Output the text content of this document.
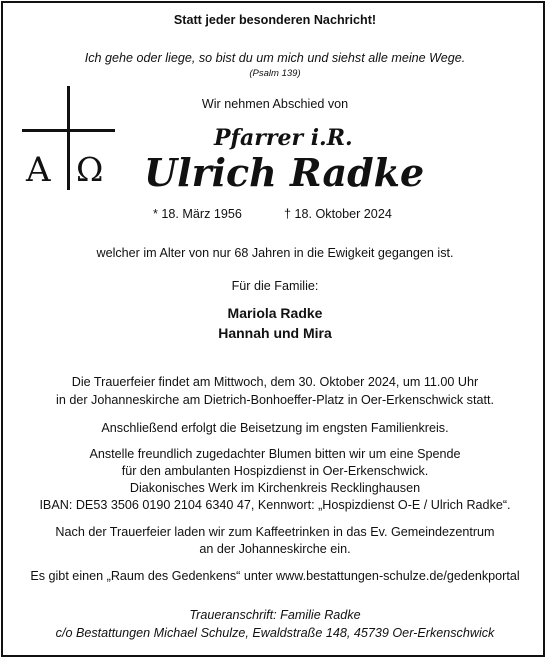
Statt jeder besonderen Nachricht!
Ich gehe oder liege, so bist du um mich und siehst alle meine Wege.
(Psalm 139)
Wir nehmen Abschied von
A Ω
Pfarrer i.R.
Ulrich Radke
* 18. März 1956	† 18. Oktober 2024
welcher im Alter von nur 68 Jahren in die Ewigkeit gegangen ist.
Für die Familie:
Mariola Radke
Hannah und Mira
Die Trauerfeier findet am Mittwoch, dem 30. Oktober 2024, um 11.00 Uhr
in der Johanneskirche am Dietrich-Bonhoeffer-Platz in Oer-Erkenschwick statt.
Anschließend erfolgt die Beisetzung im engsten Familienkreis.
Anstelle freundlich zugedachter Blumen bitten wir um eine Spende
für den ambulanten Hospizdienst in Oer-Erkenschwick.
Diakonisches Werk im Kirchenkreis Recklinghausen
IBAN: DE53 3506 0190 2104 6340 47, Kennwort: „Hospizdienst O-E / Ulrich Radke“.
Nach der Trauerfeier laden wir zum Kaffeetrinken in das Ev. Gemeindezentrum
an der Johanneskirche ein.
Es gibt einen „Raum des Gedenkens“ unter www.bestattungen-schulze.de/gedenkportal
Traueranschrift: Familie Radke
c/o Bestattungen Michael Schulze, Ewaldstraße 148, 45739 Oer-Erkenschwick
